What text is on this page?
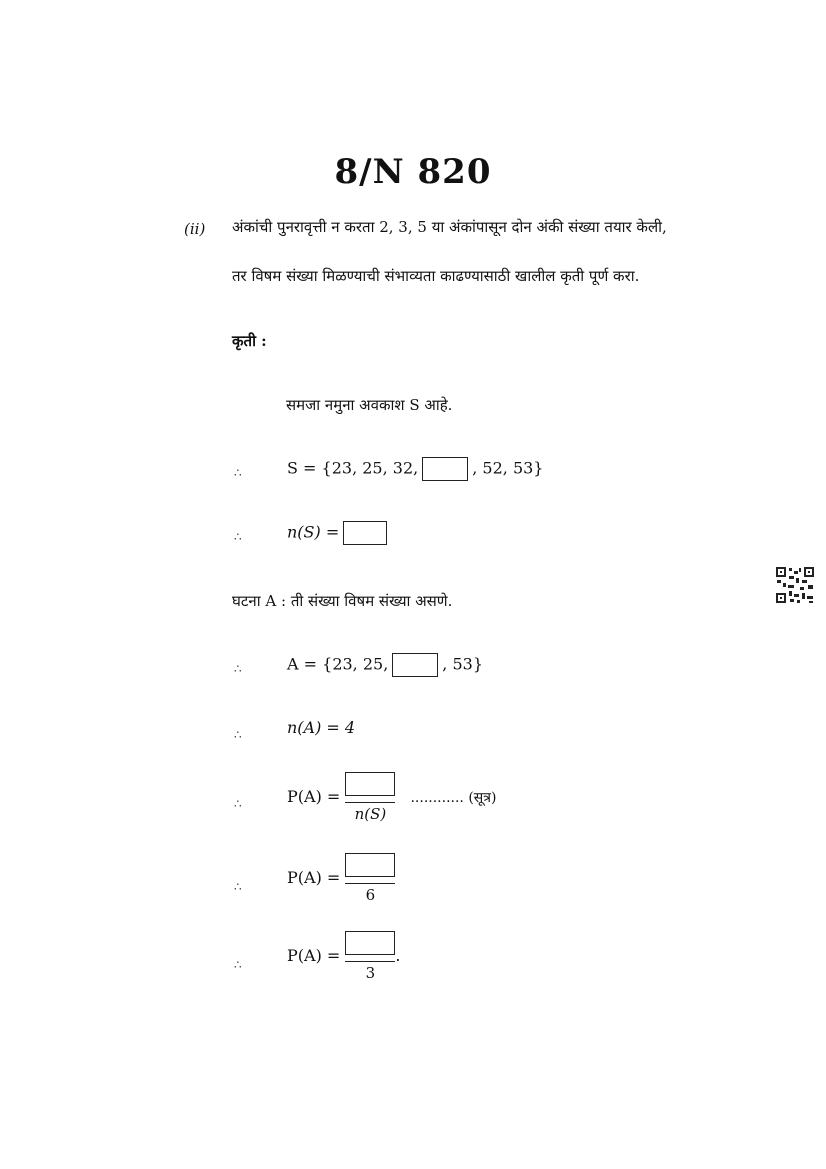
8/N 820
(ii) अंकांची पुनरावृत्ती न करता 2, 3, 5 या अंकांपासून दोन अंकी संख्या तयार केली,
तर विषम संख्या मिळण्याची संभाव्यता काढण्यासाठी खालील कृती पूर्ण करा.
कृती :
समजा नमुना अवकाश S आहे.
∴	S = {23, 25, 32,	, 52, 53}
∴	n(S) =
घटना A : ती संख्या विषम संख्या असणे.
∴	A = {23, 25,	, 53}
∴	n(A) = 4
∴	P(A) =
n(S)
............ (सूत्र)
∴	P(A) =
6
∴	P(A) =
3
.
